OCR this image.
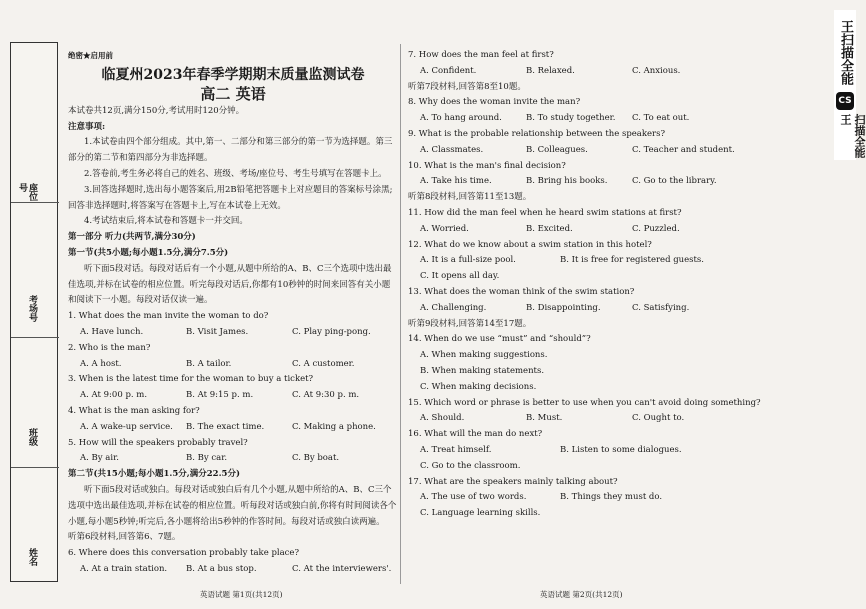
座位号
考场号
班级
姓名
绝密★启用前
临夏州2023年春季学期期末质量监测试卷
高二 英语

本试卷共12页,满分150分,考试用时120分钟。

注意事项:

1.本试卷由四个部分组成。其中,第一、二部分和第三部分的第一节为选择题。第三部分的第二节和第四部分为非选择题。

2.答卷前,考生务必将自己的姓名、班级、考场/座位号、考生号填写在答题卡上。

3.回答选择题时,选出每小题答案后,用2B铅笔把答题卡上对应题目的答案标号涂黑;回答非选择题时,将答案写在答题卡上,写在本试卷上无效。

4.考试结束后,将本试卷和答题卡一并交回。

第一部分 听力(共两节,满分30分)

第一节(共5小题;每小题1.5分,满分7.5分)

听下面5段对话。每段对话后有一个小题,从题中所给的A、B、C三个选项中选出最佳选项,并标在试卷的相应位置。听完每段对话后,你都有10秒钟的时间来回答有关小题和阅读下一小题。每段对话仅读一遍。

1. What does the man invite the woman to do?

A. Have lunch.	B. Visit James.	C. Play ping-pong.

2. Who is the man?

A. A host.	B. A tailor.	C. A customer.

3. When is the latest time for the woman to buy a ticket?

A. At 9:00 p. m.	B. At 9:15 p. m.	C. At 9:30 p. m.

4. What is the man asking for?

A. A wake-up service.	B. The exact time.	C. Making a phone.

5. How will the speakers probably travel?

A. By air.	B. By car.	C. By boat.

第二节(共15小题;每小题1.5分,满分22.5分)

听下面5段对话或独白。每段对话或独白后有几个小题,从题中所给的A、B、C三个选项中选出最佳选项,并标在试卷的相应位置。听每段对话或独白前,你将有时间阅读各个小题,每小题5秒钟;听完后,各小题将给出5秒钟的作答时间。每段对话或独白读两遍。

听第6段材料,回答第6、7题。

6. Where does this conversation probably take place?

A. At a train station.	B. At a bus stop.	C. At the interviewers'.

7. How does the man feel at first?

A. Confident.	B. Relaxed.	C. Anxious.

听第7段材料,回答第8至10题。

8. Why does the woman invite the man?

A. To hang around.	B. To study together.	C. To eat out.

9. What is the probable relationship between the speakers?

A. Classmates.	B. Colleagues.	C. Teacher and student.

10. What is the man's final decision?

A. Take his time.	B. Bring his books.	C. Go to the library.

听第8段材料,回答第11至13题。

11. How did the man feel when he heard swim stations at first?

A. Worried.	B. Excited.	C. Puzzled.

12. What do we know about a swim station in this hotel?

A. It is a full-size pool.	B. It is free for registered guests.
C. It opens all day.

13. What does the woman think of the swim station?

A. Challenging.	B. Disappointing.	C. Satisfying.

听第9段材料,回答第14至17题。

14. When do we use “must” and “should”?

A. When making suggestions.

B. When making statements.

C. When making decisions.

15. Which word or phrase is better to use when you can't avoid doing something?

A. Should.	B. Must.	C. Ought to.

16. What will the man do next?

A. Treat himself.	B. Listen to some dialogues.
C. Go to the classroom.

17. What are the speakers mainly talking about?

A. The use of two words.	B. Things they must do.
C. Language learning skills.
英语试题 第1页(共12页)	英语试题 第2页(共12页)
王扫描全能
CS
扫描全能王
